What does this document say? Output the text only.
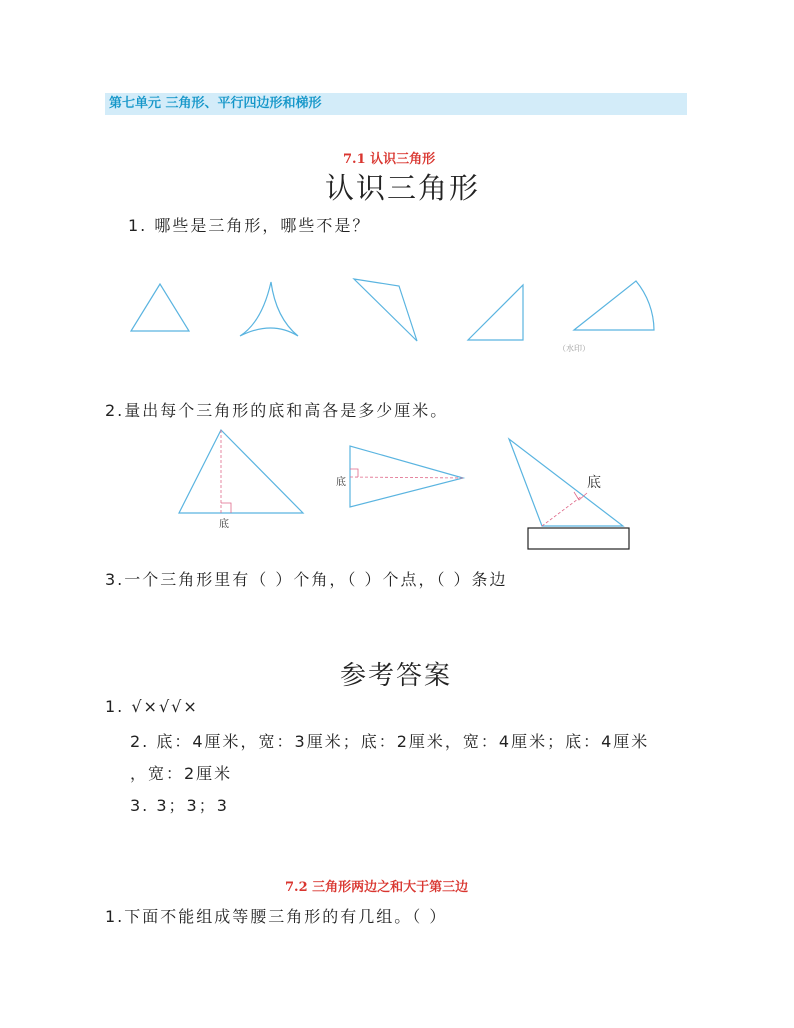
第七单元 三角形、平行四边形和梯形
7.1 认识三角形
认识三角形
1. 哪些是三角形，哪些不是？
（水印）
2.量出每个三角形的底和高各是多少厘米。
底
底	底
3.一个三角形里有（ ）个角，（ ）个点，（ ）条边
参考答案
1. √×√√×
2. 底：4厘米，宽：3厘米；底：2厘米，宽：4厘米；底：4厘米
，宽：2厘米
3. 3；3；3
7.2 三角形两边之和大于第三边
1.下面不能组成等腰三角形的有几组。（ ）
